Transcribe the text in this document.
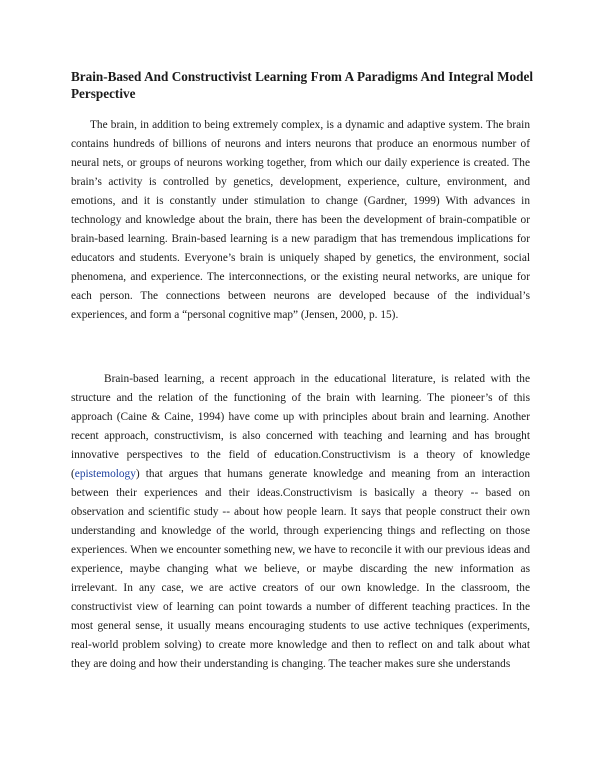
Brain-Based And Constructivist Learning From A Paradigms And Integral Model Perspective

The brain, in addition to being extremely complex, is a dynamic and adaptive system. The brain contains hundreds of billions of neurons and inters neurons that produce an enormous number of neural nets, or groups of neurons working together, from which our daily experience is created. The brain’s activity is controlled by genetics, development, experience, culture, environment, and emotions, and it is constantly under stimulation to change (Gardner, 1999) With advances in technology and knowledge about the brain, there has been the development of brain-compatible or brain-based learning. Brain-based learning is a new paradigm that has tremendous implications for educators and students. Everyone’s brain is uniquely shaped by genetics, the environment, social phenomena, and experience. The interconnections, or the existing neural networks, are unique for each person. The connections between neurons are developed because of the individual’s experiences, and form a “personal cognitive map” (Jensen, 2000, p. 15).

Brain-based learning, a recent approach in the educational literature, is related with the structure and the relation of the functioning of the brain with learning. The pioneer’s of this approach (Caine & Caine, 1994) have come up with principles about brain and learning. Another recent approach, constructivism, is also concerned with teaching and learning and has brought innovative perspectives to the field of education.Constructivism is a theory of knowledge (epistemology) that argues that humans generate knowledge and meaning from an interaction between their experiences and their ideas.Constructivism is basically a theory -- based on observation and scientific study -- about how people learn. It says that people construct their own understanding and knowledge of the world, through experiencing things and reflecting on those experiences. When we encounter something new, we have to reconcile it with our previous ideas and experience, maybe changing what we believe, or maybe discarding the new information as irrelevant. In any case, we are active creators of our own knowledge. In the classroom, the constructivist view of learning can point towards a number of different teaching practices. In the most general sense, it usually means encouraging students to use active techniques (experiments, real-world problem solving) to create more knowledge and then to reflect on and talk about what they are doing and how their understanding is changing. The teacher makes sure she understands
